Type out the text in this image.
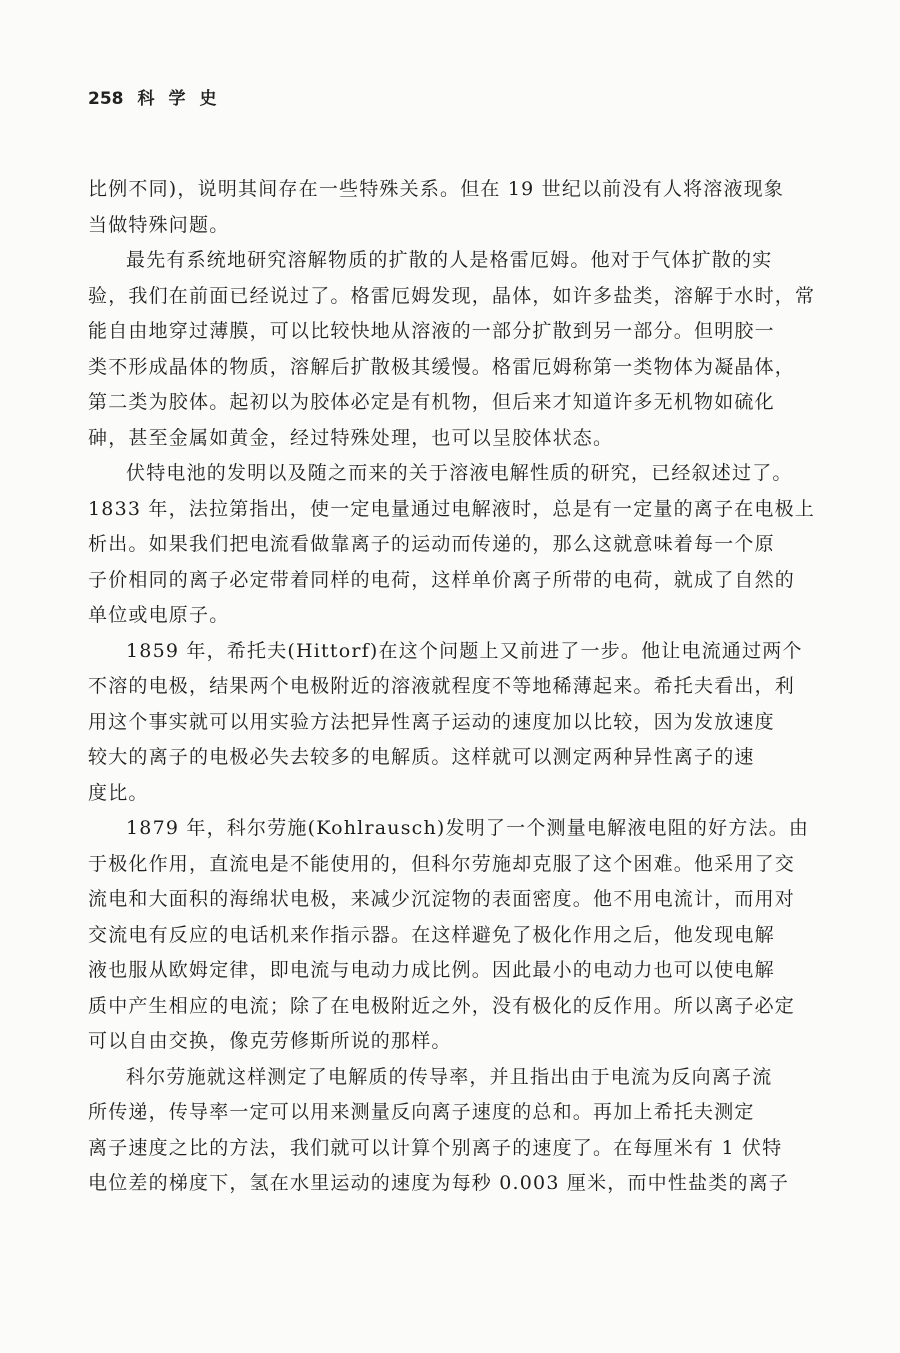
258 科学史
比例不同)，说明其间存在一些特殊关系。但在 19 世纪以前没有人将溶液现象
当做特殊问题。
最先有系统地研究溶解物质的扩散的人是格雷厄姆。他对于气体扩散的实
验，我们在前面已经说过了。格雷厄姆发现，晶体，如许多盐类，溶解于水时，常
能自由地穿过薄膜，可以比较快地从溶液的一部分扩散到另一部分。但明胶一
类不形成晶体的物质，溶解后扩散极其缓慢。格雷厄姆称第一类物体为凝晶体，
第二类为胶体。起初以为胶体必定是有机物，但后来才知道许多无机物如硫化
砷，甚至金属如黄金，经过特殊处理，也可以呈胶体状态。
伏特电池的发明以及随之而来的关于溶液电解性质的研究，已经叙述过了。
1833 年，法拉第指出，使一定电量通过电解液时，总是有一定量的离子在电极上
析出。如果我们把电流看做靠离子的运动而传递的，那么这就意味着每一个原
子价相同的离子必定带着同样的电荷，这样单价离子所带的电荷，就成了自然的
单位或电原子。
1859 年，希托夫(Hittorf)在这个问题上又前进了一步。他让电流通过两个
不溶的电极，结果两个电极附近的溶液就程度不等地稀薄起来。希托夫看出，利
用这个事实就可以用实验方法把异性离子运动的速度加以比较，因为发放速度
较大的离子的电极必失去较多的电解质。这样就可以测定两种异性离子的速
度比。
1879 年，科尔劳施(Kohlrausch)发明了一个测量电解液电阻的好方法。由
于极化作用，直流电是不能使用的，但科尔劳施却克服了这个困难。他采用了交
流电和大面积的海绵状电极，来减少沉淀物的表面密度。他不用电流计，而用对
交流电有反应的电话机来作指示器。在这样避免了极化作用之后，他发现电解
液也服从欧姆定律，即电流与电动力成比例。因此最小的电动力也可以使电解
质中产生相应的电流；除了在电极附近之外，没有极化的反作用。所以离子必定
可以自由交换，像克劳修斯所说的那样。
科尔劳施就这样测定了电解质的传导率，并且指出由于电流为反向离子流
所传递，传导率一定可以用来测量反向离子速度的总和。再加上希托夫测定
离子速度之比的方法，我们就可以计算个别离子的速度了。在每厘米有 1 伏特
电位差的梯度下，氢在水里运动的速度为每秒 0.003 厘米，而中性盐类的离子
